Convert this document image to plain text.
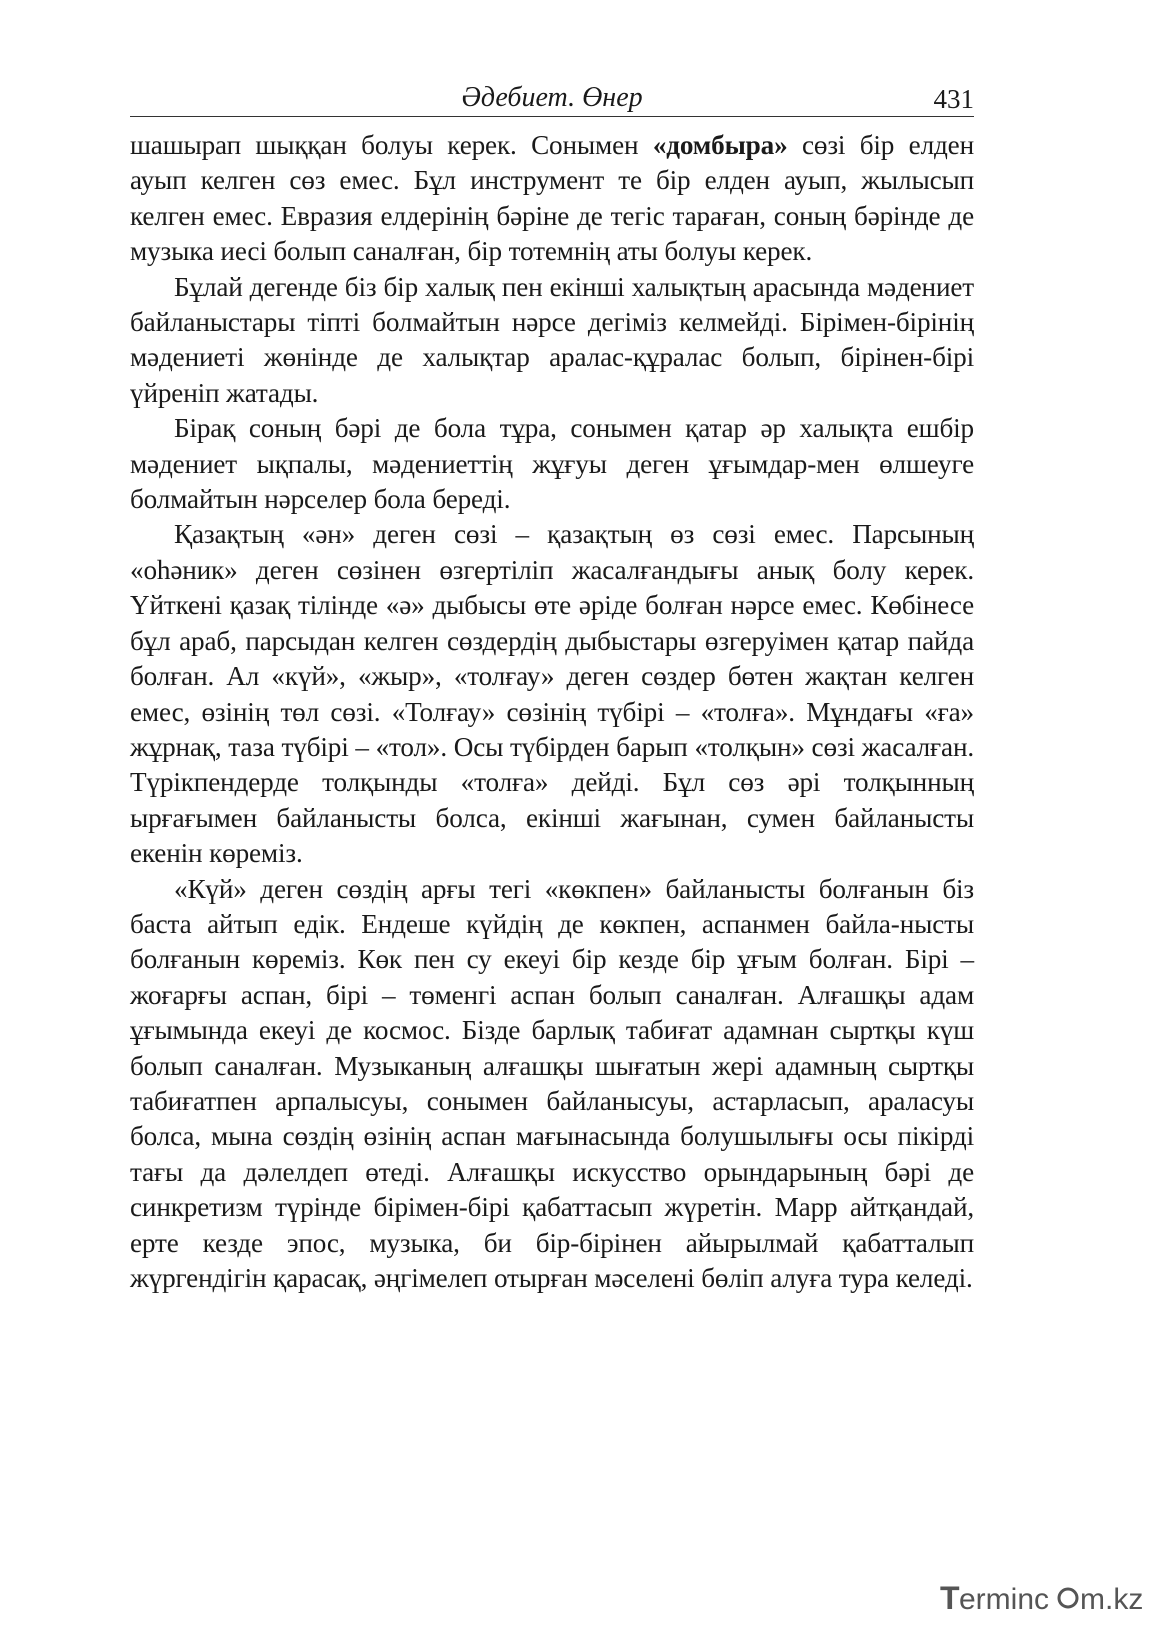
Әдебиет. Өнер	431

шашырап шыққан болуы керек. Сонымен «домбыра» сөзі бір елден ауып келген сөз емес. Бұл инструмент те бір елден ауып, жылысып келген емес. Евразия елдерінің бәріне де тегіс тараған, соның бәрінде де музыка иесі болып саналған, бір тотемнің аты болуы керек.

Бұлай дегенде біз бір халық пен екінші халықтың арасында мәдениет байланыстары тіпті болмайтын нәрсе дегіміз келмейді. Бірімен-бірінің мәдениеті жөнінде де халықтар аралас-құралас болып, бірінен-бірі үйреніп жатады.

Бірақ соның бәрі де бола тұра, сонымен қатар әр халықта ешбір мәдениет ықпалы, мәдениеттің жұғуы деген ұғымдар-мен өлшеуге болмайтын нәрселер бола береді.

Қазақтың «ән» деген сөзі – қазақтың өз сөзі емес. Парсының «оһәник» деген сөзінен өзгертіліп жасалғандығы анық болу керек. Үйткені қазақ тілінде «ә» дыбысы өте әріде болған нәрсе емес. Көбінесе бұл араб, парсыдан келген сөздердің дыбыстары өзгеруімен қатар пайда болған. Ал «күй», «жыр», «толғау» деген сөздер бөтен жақтан келген емес, өзінің төл сөзі. «Толғау» сөзінің түбірі – «толға». Мұндағы «ға» жұрнақ, таза түбірі – «тол». Осы түбірден барып «толқын» сөзі жасалған. Түрікпендерде толқынды «толға» дейді. Бұл сөз әрі толқынның ырғағымен байланысты болса, екінші жағынан, сумен байланысты екенін көреміз.

«Күй» деген сөздің арғы тегі «көкпен» байланысты болғанын біз баста айтып едік. Ендеше күйдің де көкпен, аспанмен байла-нысты болғанын көреміз. Көк пен су екеуі бір кезде бір ұғым болған. Бірі – жоғарғы аспан, бірі – төменгі аспан болып саналған. Алғашқы адам ұғымында екеуі де космос. Бізде барлық табиғат адамнан сыртқы күш болып саналған. Музыканың алғашқы шығатын жері адамның сыртқы табиғатпен арпалысуы, сонымен байланысуы, астарласып, араласуы болса, мына сөздің өзінің аспан мағынасында болушылығы осы пікірді тағы да дәлелдеп өтеді. Алғашқы искусство орындарының бәрі де синкретизм түрінде бірімен-бірі қабаттасып жүретін. Марр айтқандай, ерте кезде эпос, музыка, би бір-бірінен айырылмай қабатталып жүргендігін қарасақ, әңгімелеп отырған мәселені бөліп алуға тура келеді.

T erminc m.kz
